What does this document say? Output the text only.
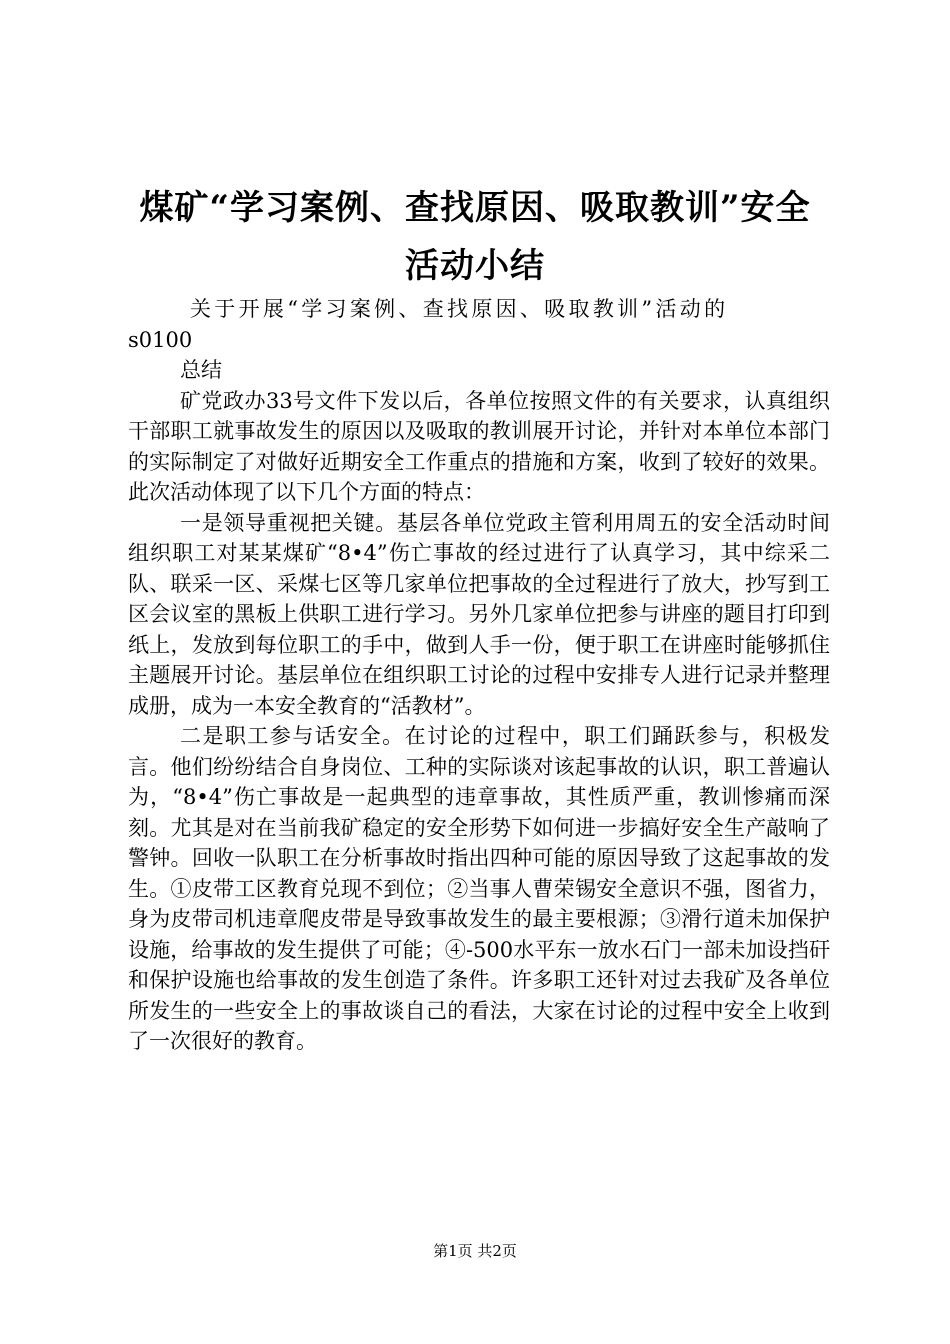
煤矿“学习案例、查找原因、吸取教训”安全
活动小结

关于开展“学习案例、查找原因、吸取教训”活动的

s0100

总结

矿党政办33号文件下发以后，各单位按照文件的有关要求，认真组织干部职工就事故发生的原因以及吸取的教训展开讨论，并针对本单位本部门的实际制定了对做好近期安全工作重点的措施和方案，收到了较好的效果。此次活动体现了以下几个方面的特点：

一是领导重视把关键。基层各单位党政主管利用周五的安全活动时间组织职工对某某煤矿“8•4”伤亡事故的经过进行了认真学习，其中综采二队、联采一区、采煤七区等几家单位把事故的全过程进行了放大，抄写到工区会议室的黑板上供职工进行学习。另外几家单位把参与讲座的题目打印到纸上，发放到每位职工的手中，做到人手一份，便于职工在讲座时能够抓住主题展开讨论。基层单位在组织职工讨论的过程中安排专人进行记录并整理成册，成为一本安全教育的“活教材”。

二是职工参与话安全。在讨论的过程中，职工们踊跃参与，积极发言。他们纷纷结合自身岗位、工种的实际谈对该起事故的认识，职工普遍认为，“8•4”伤亡事故是一起典型的违章事故，其性质严重，教训惨痛而深刻。尤其是对在当前我矿稳定的安全形势下如何进一步搞好安全生产敲响了警钟。回收一队职工在分析事故时指出四种可能的原因导致了这起事故的发生。①皮带工区教育兑现不到位；②当事人曹荣锡安全意识不强，图省力，身为皮带司机违章爬皮带是导致事故发生的最主要根源；③滑行道未加保护设施，给事故的发生提供了可能；④-500水平东一放水石门一部未加设挡矸和保护设施也给事故的发生创造了条件。许多职工还针对过去我矿及各单位所发生的一些安全上的事故谈自己的看法，大家在讨论的过程中安全上收到了一次很好的教育。

第1页 共2页
